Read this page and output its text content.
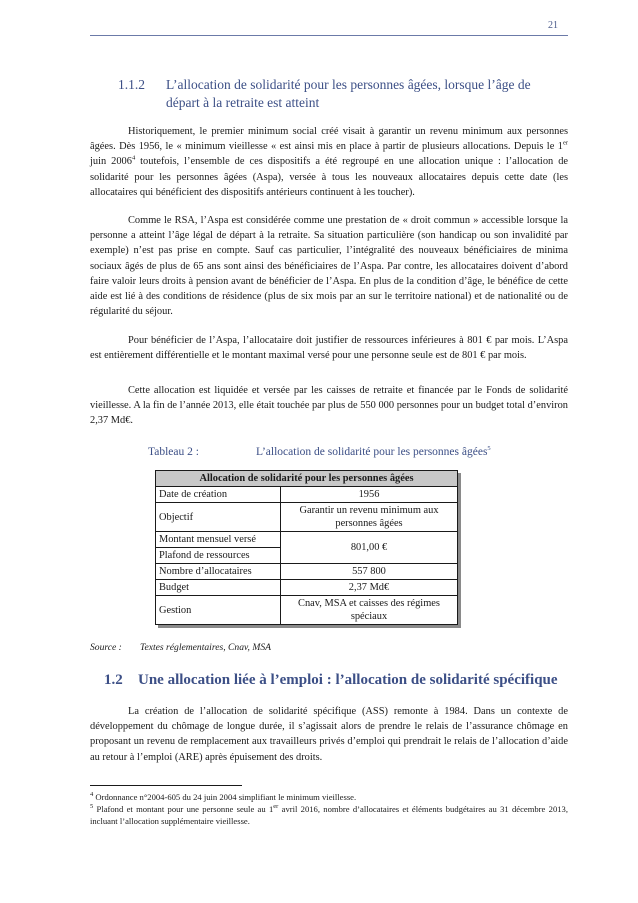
21
1.1.2 L’allocation de solidarité pour les personnes âgées, lorsque l’âge de départ à la retraite est atteint

Historiquement, le premier minimum social créé visait à garantir un revenu minimum aux personnes âgées. Dès 1956, le « minimum vieillesse « est ainsi mis en place à partir de plusieurs allocations. Depuis le 1er juin 2006$^4$ toutefois, l’ensemble de ces dispositifs a été regroupé en une allocation unique : l’allocation de solidarité pour les personnes âgées (Aspa), versée à tous les nouveaux allocataires depuis cette date (les allocataires qui bénéficient des dispositifs antérieurs continuent à les toucher).

Comme le RSA, l’Aspa est considérée comme une prestation de « droit commun » accessible lorsque la personne a atteint l’âge légal de départ à la retraite. Sa situation particulière (son handicap ou son invalidité par exemple) n’est pas prise en compte. Sauf cas particulier, l’intégralité des nouveaux bénéficiaires de minima sociaux âgés de plus de 65 ans sont ainsi des bénéficiaires de l’Aspa. Par contre, les allocataires doivent d’abord faire valoir leurs droits à pension avant de bénéficier de l’Aspa. En plus de la condition d’âge, le bénéfice de cette aide est lié à des conditions de résidence (plus de six mois par an sur le territoire national) et de nationalité ou de régularité du séjour.

Pour bénéficier de l’Aspa, l’allocataire doit justifier de ressources inférieures à 801 € par mois. L’Aspa est entièrement différentielle et le montant maximal versé pour une personne seule est de 801 € par mois.

Cette allocation est liquidée et versée par les caisses de retraite et financée par le Fonds de solidarité vieillesse. A la fin de l’année 2013, elle était touchée par plus de 550 000 personnes pour un budget total d’environ 2,37 Md€.

Tableau 2 :	L’allocation de solidarité pour les personnes âgées$^5$
Allocation de solidarité pour les personnes âgées	
Date de création	1956
Objectif	Garantir un revenu minimum aux personnes âgées
Montant mensuel versé	801,00 €
Plafond de ressources	
Nombre d’allocataires	557 800
Budget	2,37 Md€
Gestion	Cnav, MSA et caisses des régimes spéciaux
Source : Textes réglementaires, Cnav, MSA
1.2 Une allocation liée à l’emploi : l’allocation de solidarité spécifique

La création de l’allocation de solidarité spécifique (ASS) remonte à 1984. Dans un contexte de développement du chômage de longue durée, il s’agissait alors de prendre le relais de l’assurance chômage en proposant un revenu de remplacement aux travailleurs privés d’emploi qui prendrait le relais de l’allocation d’aide au retour à l’emploi (ARE) après épuisement des droits.

$^4$ Ordonnance n°2004-605 du 24 juin 2004 simplifiant le minimum vieillesse.
$^5$ Plafond et montant pour une personne seule au 1er avril 2016, nombre d’allocataires et éléments budgétaires au 31 décembre 2013, incluant l’allocation supplémentaire vieillesse.
